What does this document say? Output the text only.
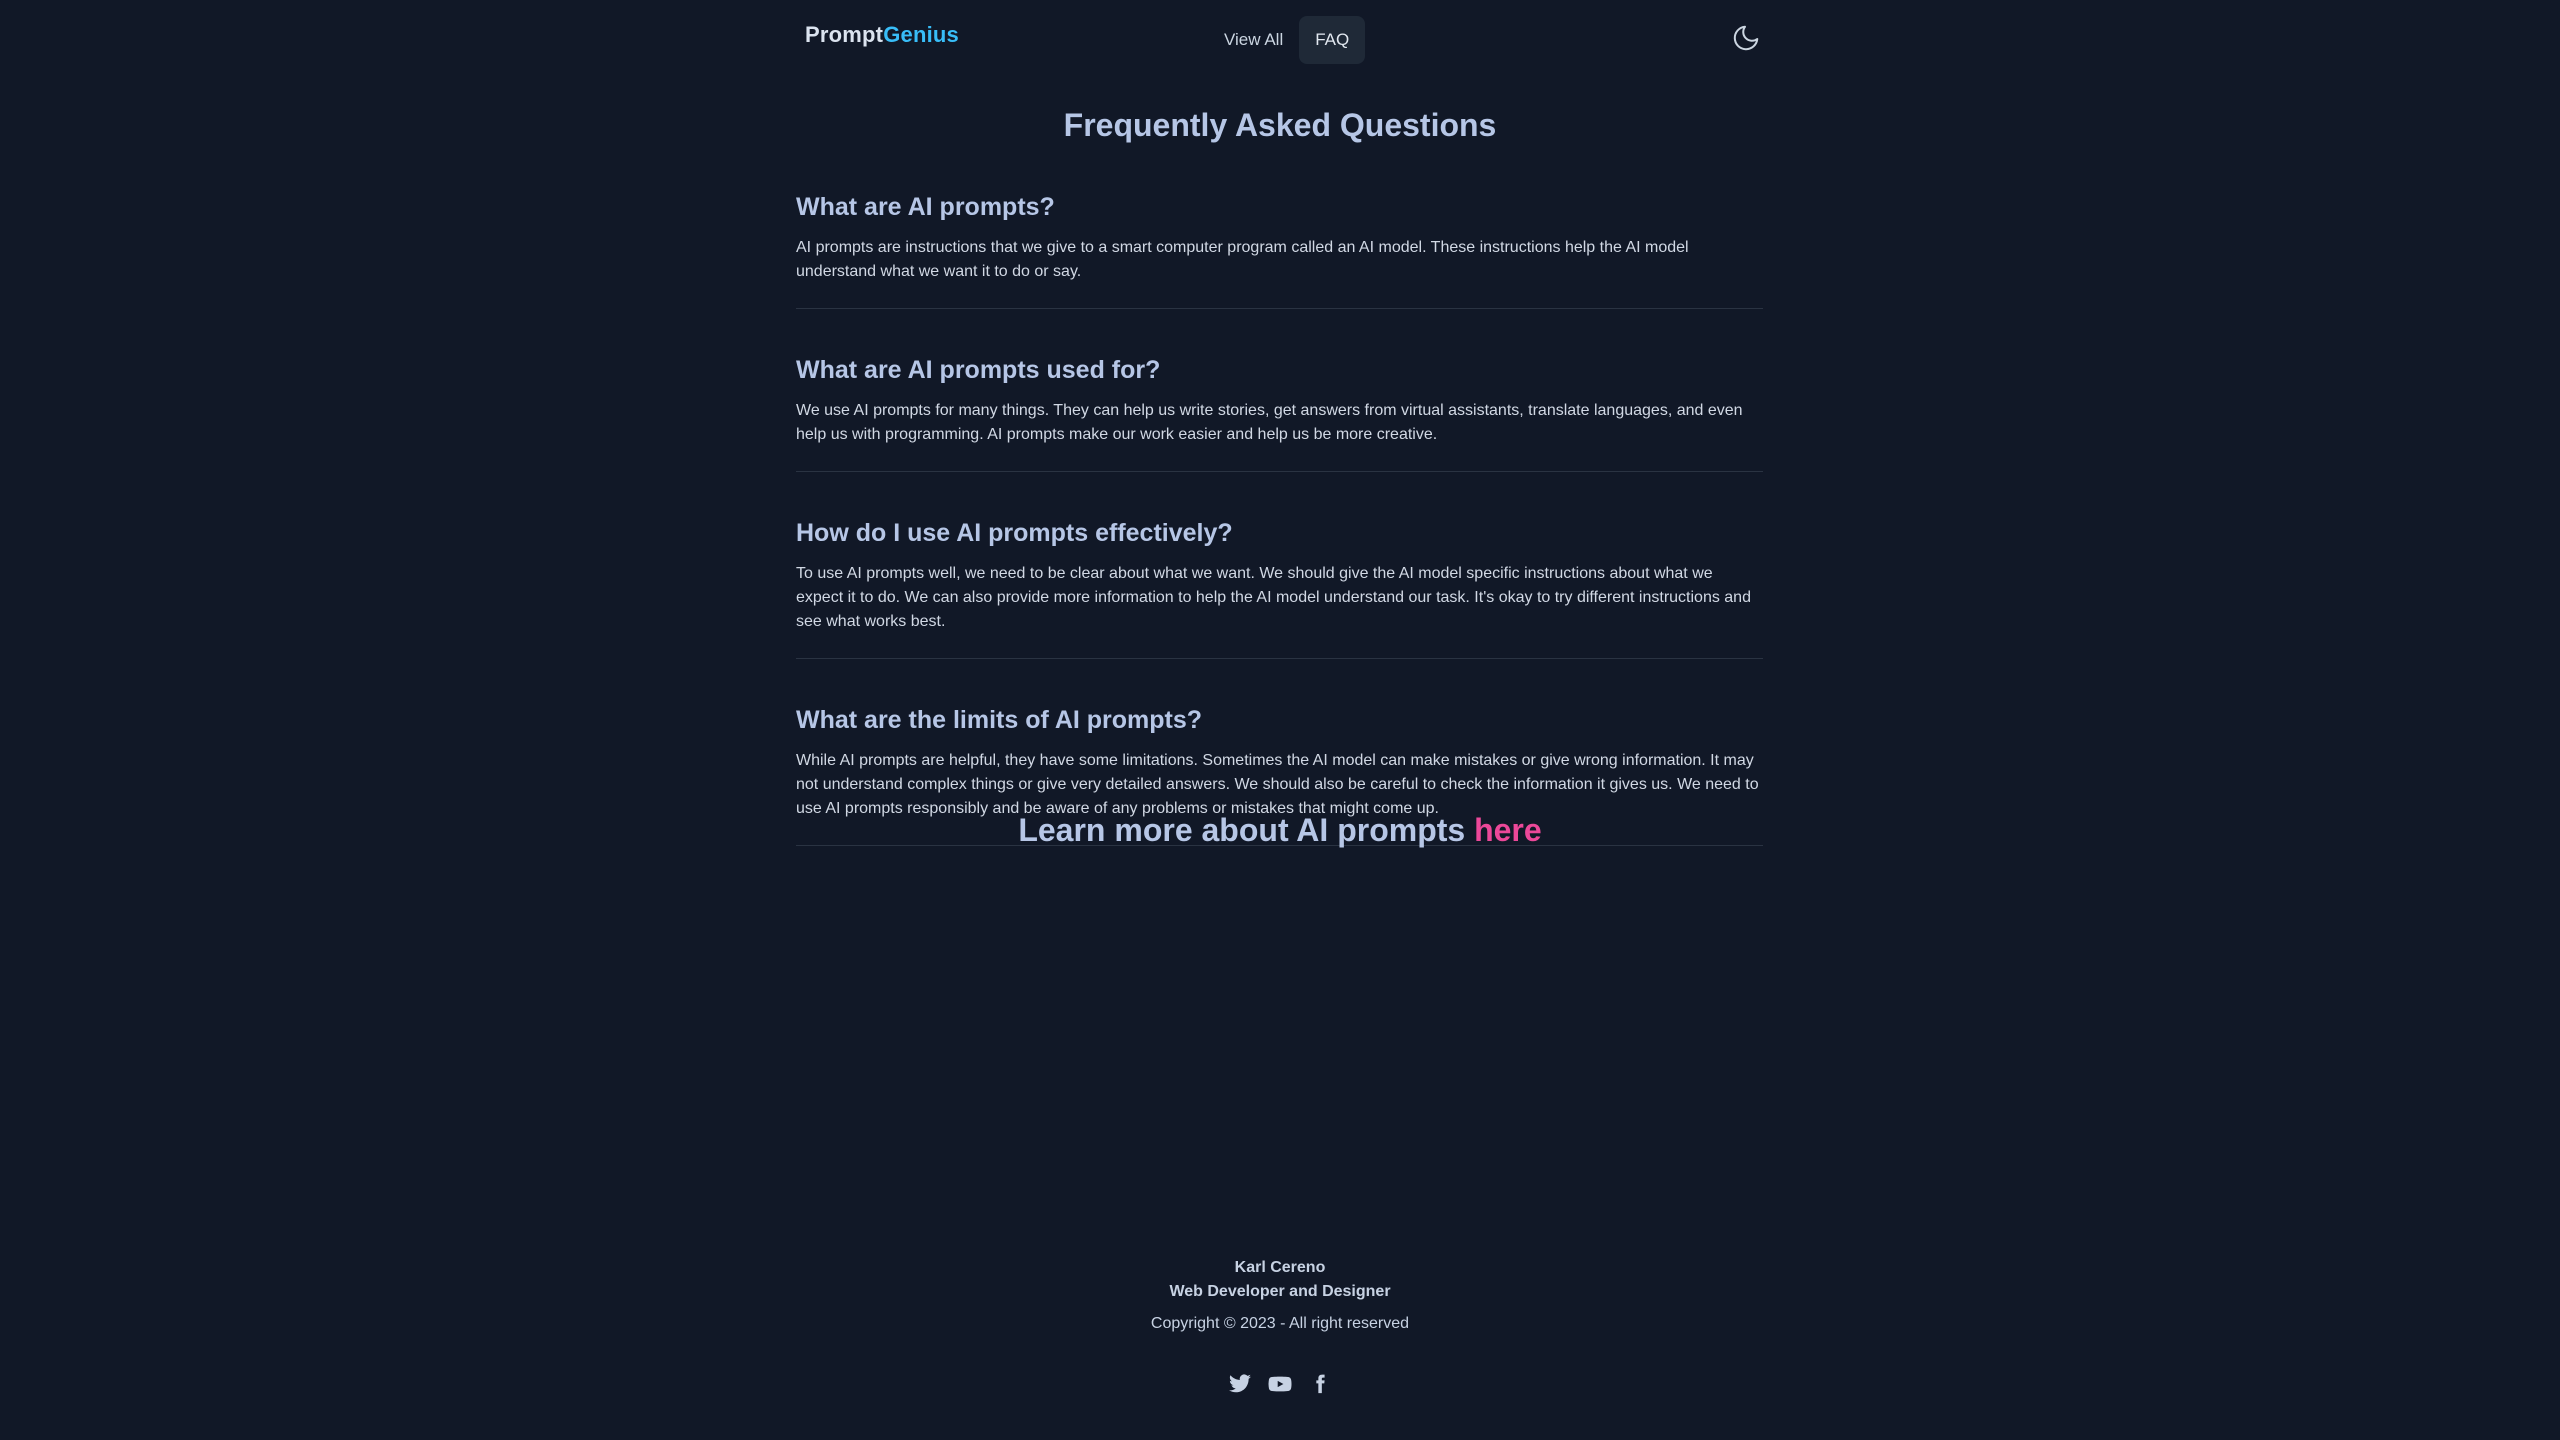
PromptGenius	View All	FAQ
Frequently Asked Questions
What are AI prompts?

AI prompts are instructions that we give to a smart computer program called an AI model. These instructions help the AI model understand what we want it to do or say.

What are AI prompts used for?

We use AI prompts for many things. They can help us write stories, get answers from virtual assistants, translate languages, and even help us with programming. AI prompts make our work easier and help us be more creative.

How do I use AI prompts effectively?

To use AI prompts well, we need to be clear about what we want. We should give the AI model specific instructions about what we expect it to do. We can also provide more information to help the AI model understand our task. It's okay to try different instructions and see what works best.

What are the limits of AI prompts?

While AI prompts are helpful, they have some limitations. Sometimes the AI model can make mistakes or give wrong information. It may not understand complex things or give very detailed answers. We should also be careful to check the information it gives us. We need to use AI prompts responsibly and be aware of any problems or mistakes that might come up.

Learn more about AI prompts here

Karl Cereno

Web Developer and Designer

Copyright © 2023 - All right reserved
